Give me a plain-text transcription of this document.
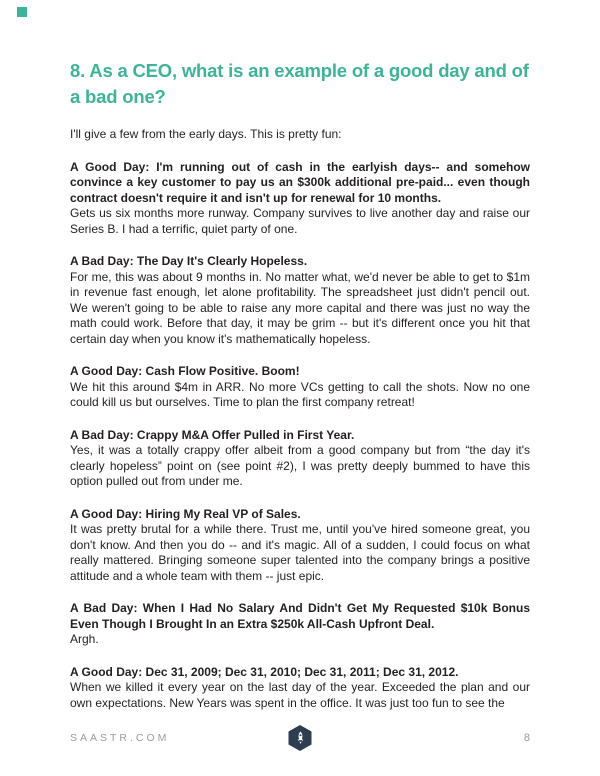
8. As a CEO, what is an example of a good day and of a bad one?

I'll give a few from the early days. This is pretty fun:

A Good Day: I'm running out of cash in the earlyish days-- and somehow convince a key customer to pay us an $300k additional pre-paid... even though contract doesn't require it and isn't up for renewal for 10 months.
Gets us six months more runway. Company survives to live another day and raise our Series B. I had a terrific, quiet party of one.

A Bad Day: The Day It's Clearly Hopeless.
For me, this was about 9 months in. No matter what, we'd never be able to get to $1m in revenue fast enough, let alone profitability. The spreadsheet just didn't pencil out. We weren't going to be able to raise any more capital and there was just no way the math could work. Before that day, it may be grim -- but it's different once you hit that certain day when you know it's mathematically hopeless.

A Good Day: Cash Flow Positive. Boom!
We hit this around $4m in ARR. No more VCs getting to call the shots. Now no one could kill us but ourselves. Time to plan the first company retreat!

A Bad Day: Crappy M&A Offer Pulled in First Year.
Yes, it was a totally crappy offer albeit from a good company but from “the day it's clearly hopeless” point on (see point #2), I was pretty deeply bummed to have this option pulled out from under me.

A Good Day: Hiring My Real VP of Sales.
It was pretty brutal for a while there. Trust me, until you've hired someone great, you don't know. And then you do -- and it's magic. All of a sudden, I could focus on what really mattered. Bringing someone super talented into the company brings a positive attitude and a whole team with them -- just epic.

A Bad Day: When I Had No Salary And Didn't Get My Requested $10k Bonus Even Though I Brought In an Extra $250k All-Cash Upfront Deal.
Argh.

A Good Day: Dec 31, 2009; Dec 31, 2010; Dec 31, 2011; Dec 31, 2012.
When we killed it every year on the last day of the year. Exceeded the plan and our own expectations. New Years was spent in the office. It was just too fun to see the

SAASTR.COM	8
